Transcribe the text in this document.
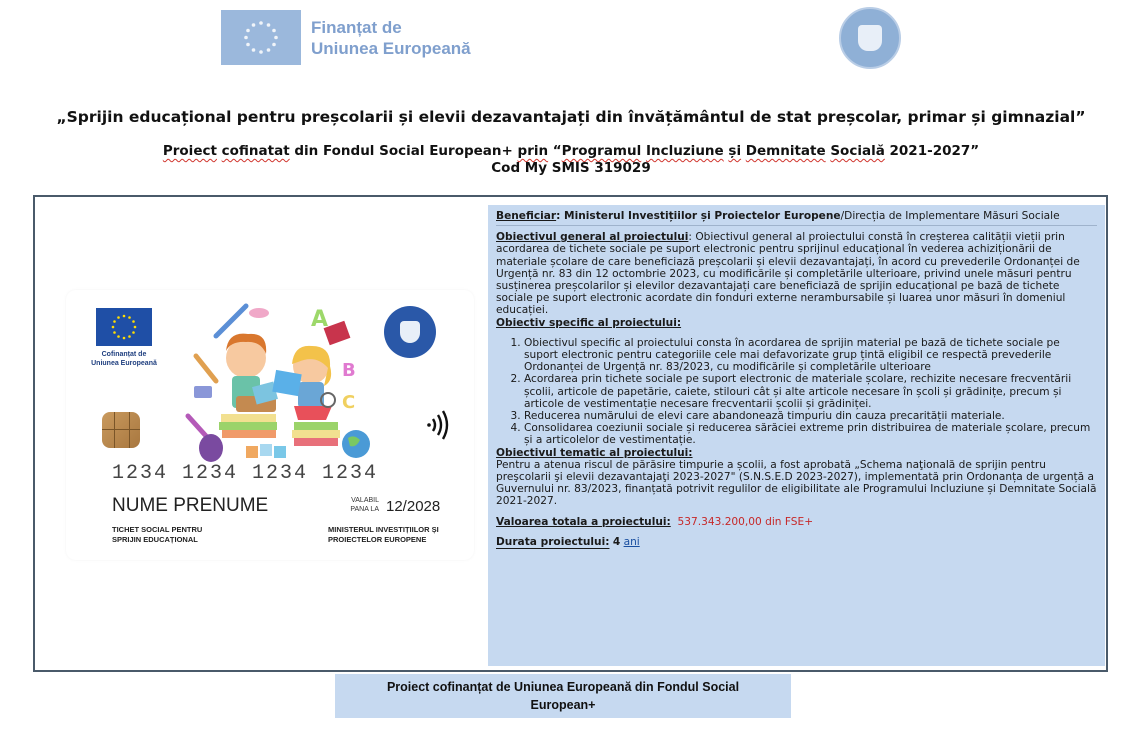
Finanțat de
Uniunea Europeană
„Sprijin educațional pentru preșcolarii și elevii dezavantajați din învățământul de stat preșcolar, primar și gimnazial”
Proiect cofinatat din Fondul Social European+ prin “Programul Incluziune și Demnitate Socială 2021-2027”
Cod My SMIS 319029
Cofinanțat de
Uniunea Europeană
A
B
C
1234 1234 1234 1234
NUME PRENUME	VALABIL
PANA LA 12/2028
TICHET SOCIAL PENTRU
SPRIJIN EDUCAȚIONAL
MINISTERUL INVESTIȚIILOR ȘI
PROIECTELOR EUROPENE

Beneficiar: Ministerul Investițiilor și Proiectelor Europene/Direcția de Implementare Măsuri Sociale

Obiectivul general al proiectului: Obiectivul general al proiectului constă în creșterea calității vieții prin acordarea de tichete sociale pe suport electronic pentru sprijinul educațional în vederea achiziționării de materiale școlare de care beneficiază preșcolarii și elevii dezavantajați, în acord cu prevederile Ordonanței de Urgență nr. 83 din 12 octombrie 2023, cu modificările și completările ulterioare, privind unele măsuri pentru susținerea preșcolarilor și elevilor dezavantajați care beneficiază de sprijin educațional pe bază de tichete sociale pe suport electronic acordate din fonduri externe nerambursabile și luarea unor măsuri în domeniul educației.

Obiectiv specific al proiectului:

1. Obiectivul specific al proiectului consta în acordarea de sprijin material pe bază de tichete sociale pe suport electronic pentru categoriile cele mai defavorizate grup țintă eligibil ce respectă prevederile Ordonanței de Urgență nr. 83/2023, cu modificările și completările ulterioare
2. Acordarea prin tichete sociale pe suport electronic de materiale școlare, rechizite necesare frecventării școlii, articole de papetărie, caiete, stilouri cât și alte articole necesare în școli și grădinițe, precum și articole de vestimentație necesare frecventarii școlii și grădiniței.
3. Reducerea numărului de elevi care abandonează timpuriu din cauza precarității materiale.
4. Consolidarea coeziunii sociale și reducerea sărăciei extreme prin distribuirea de materiale școlare, precum și a articolelor de vestimentație.

Obiectivul tematic al proiectului:

Pentru a atenua riscul de părăsire timpurie a școlii, a fost aprobată „Schema naţională de sprijin pentru preşcolarii şi elevii dezavantajaţi 2023-2027" (S.N.S.E.D 2023-2027), implementată prin Ordonanța de urgență a Guvernului nr. 83/2023, finanțată potrivit regulilor de eligibilitate ale Programului Incluziune și Demnitate Socială 2021-2027.

Valoarea totala a proiectului: 537.343.200,00 din FSE+

Durata proiectului: 4 ani

Proiect cofinanțat de Uniunea Europeană din Fondul Social
European+
